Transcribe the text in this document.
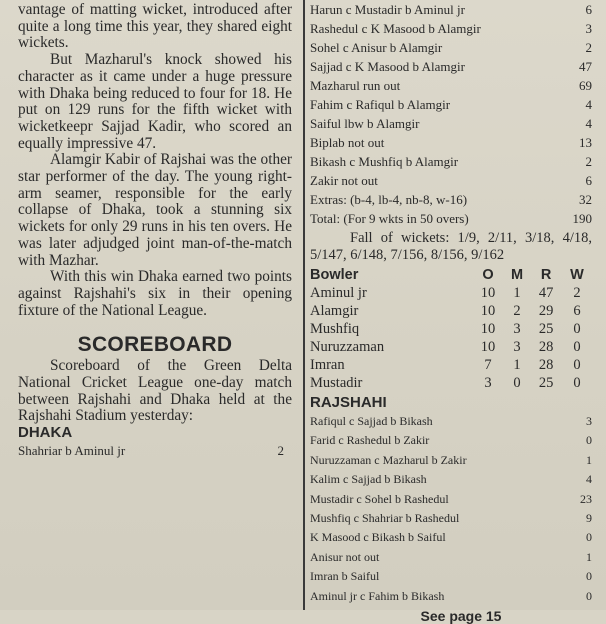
vantage of matting wicket, introduced after quite a long time this year, they shared eight wickets.

But Mazharul's knock showed his character as it came under a huge pressure with Dhaka being reduced to four for 18. He put on 129 runs for the fifth wicket with wicketkeepr Sajjad Kadir, who scored an equally impressive 47.

Alamgir Kabir of Rajshai was the other star performer of the day. The young right-arm seamer, responsible for the early collapse of Dhaka, took a stunning six wickets for only 29 runs in his ten overs. He was later adjudged joint man-of-the-match with Mazhar.

With this win Dhaka earned two points against Rajshahi's six in their opening fixture of the National League.

SCOREBOARD

Scoreboard of the Green Delta National Cricket League one-day match between Rajshahi and Dhaka held at the Rajshahi Stadium yesterday:

DHAKA
Shahriar b Aminul jr	2
Harun c Mustadir b Aminul jr	6
Rashedul c K Masood b Alamgir	3
Sohel c Anisur b Alamgir	2
Sajjad c K Masood b Alamgir	47
Mazharul run out	69
Fahim c Rafiqul b Alamgir	4
Saiful lbw b Alamgir	4
Biplab not out	13
Bikash c Mushfiq b Alamgir	2
Zakir not out	6
Extras: (b-4, lb-4, nb-8, w-16)	32
Total: (For 9 wkts in 50 overs)	190
Fall of wickets: 1/9, 2/11, 3/18, 4/18, 5/147, 6/148, 7/156, 8/156, 9/162
Bowler	O	M	R	W
Aminul jr	10	1	47	2
Alamgir	10	2	29	6
Mushfiq	10	3	25	0
Nuruzzaman	10	3	28	0
Imran	7	1	28	0
Mustadir	3	0	25	0
RAJSHAHI
Rafiqul c Sajjad b Bikash	3
Farid c Rashedul b Zakir	0
Nuruzzaman c Mazharul b Zakir	1
Kalim c Sajjad b Bikash	4
Mustadir c Sohel b Rashedul	23
Mushfiq c Shahriar b Rashedul	9
K Masood c Bikash b Saiful	0
Anisur not out	1
Imran b Saiful	0
Aminul jr c Fahim b Bikash	0
See page 15
